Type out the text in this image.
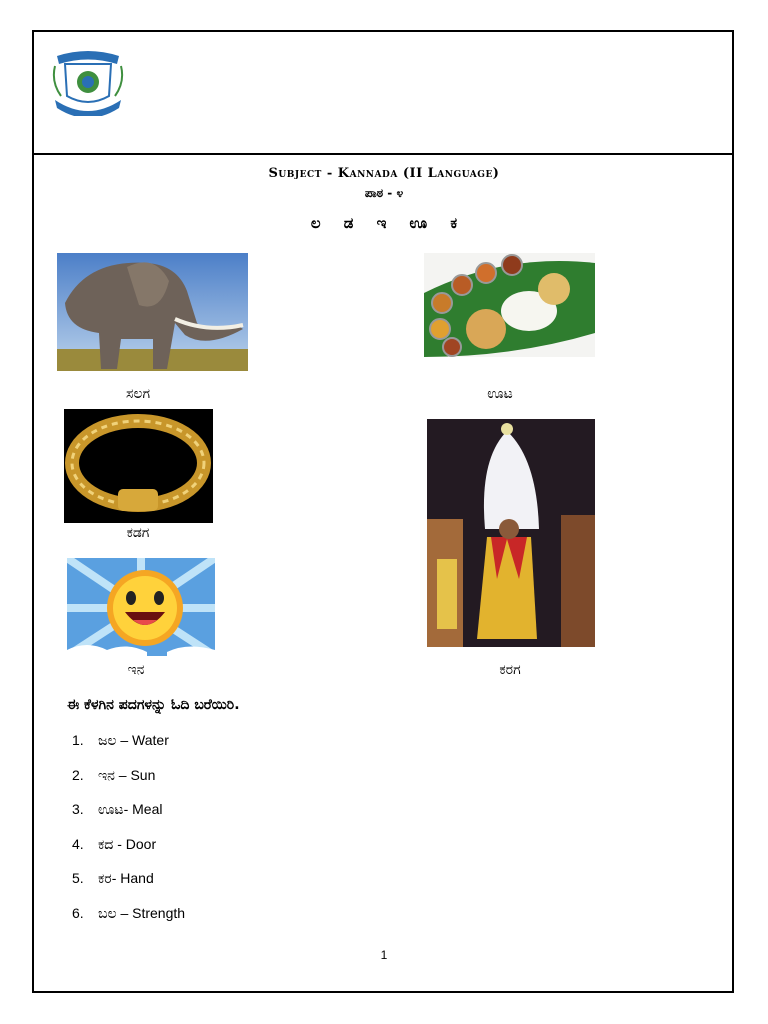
Subject - Kannada (II Language)
ಪಾಠ - ೪
ಲ ಡ ಇ ಊ ಕ
ಸಲಗ	ಊಟ
ಕಡಗ
ಇನ	ಕರಗ
ಈ ಕೆಳಗಿನ ಪದಗಳನ್ನು ಓದಿ ಬರೆಯಿರಿ.
1. ಜಲ – Water
2. ಇನ – Sun
3. ಊಟ- Meal
4. ಕದ - Door
5. ಕರ- Hand
6. ಬಲ – Strength
1
